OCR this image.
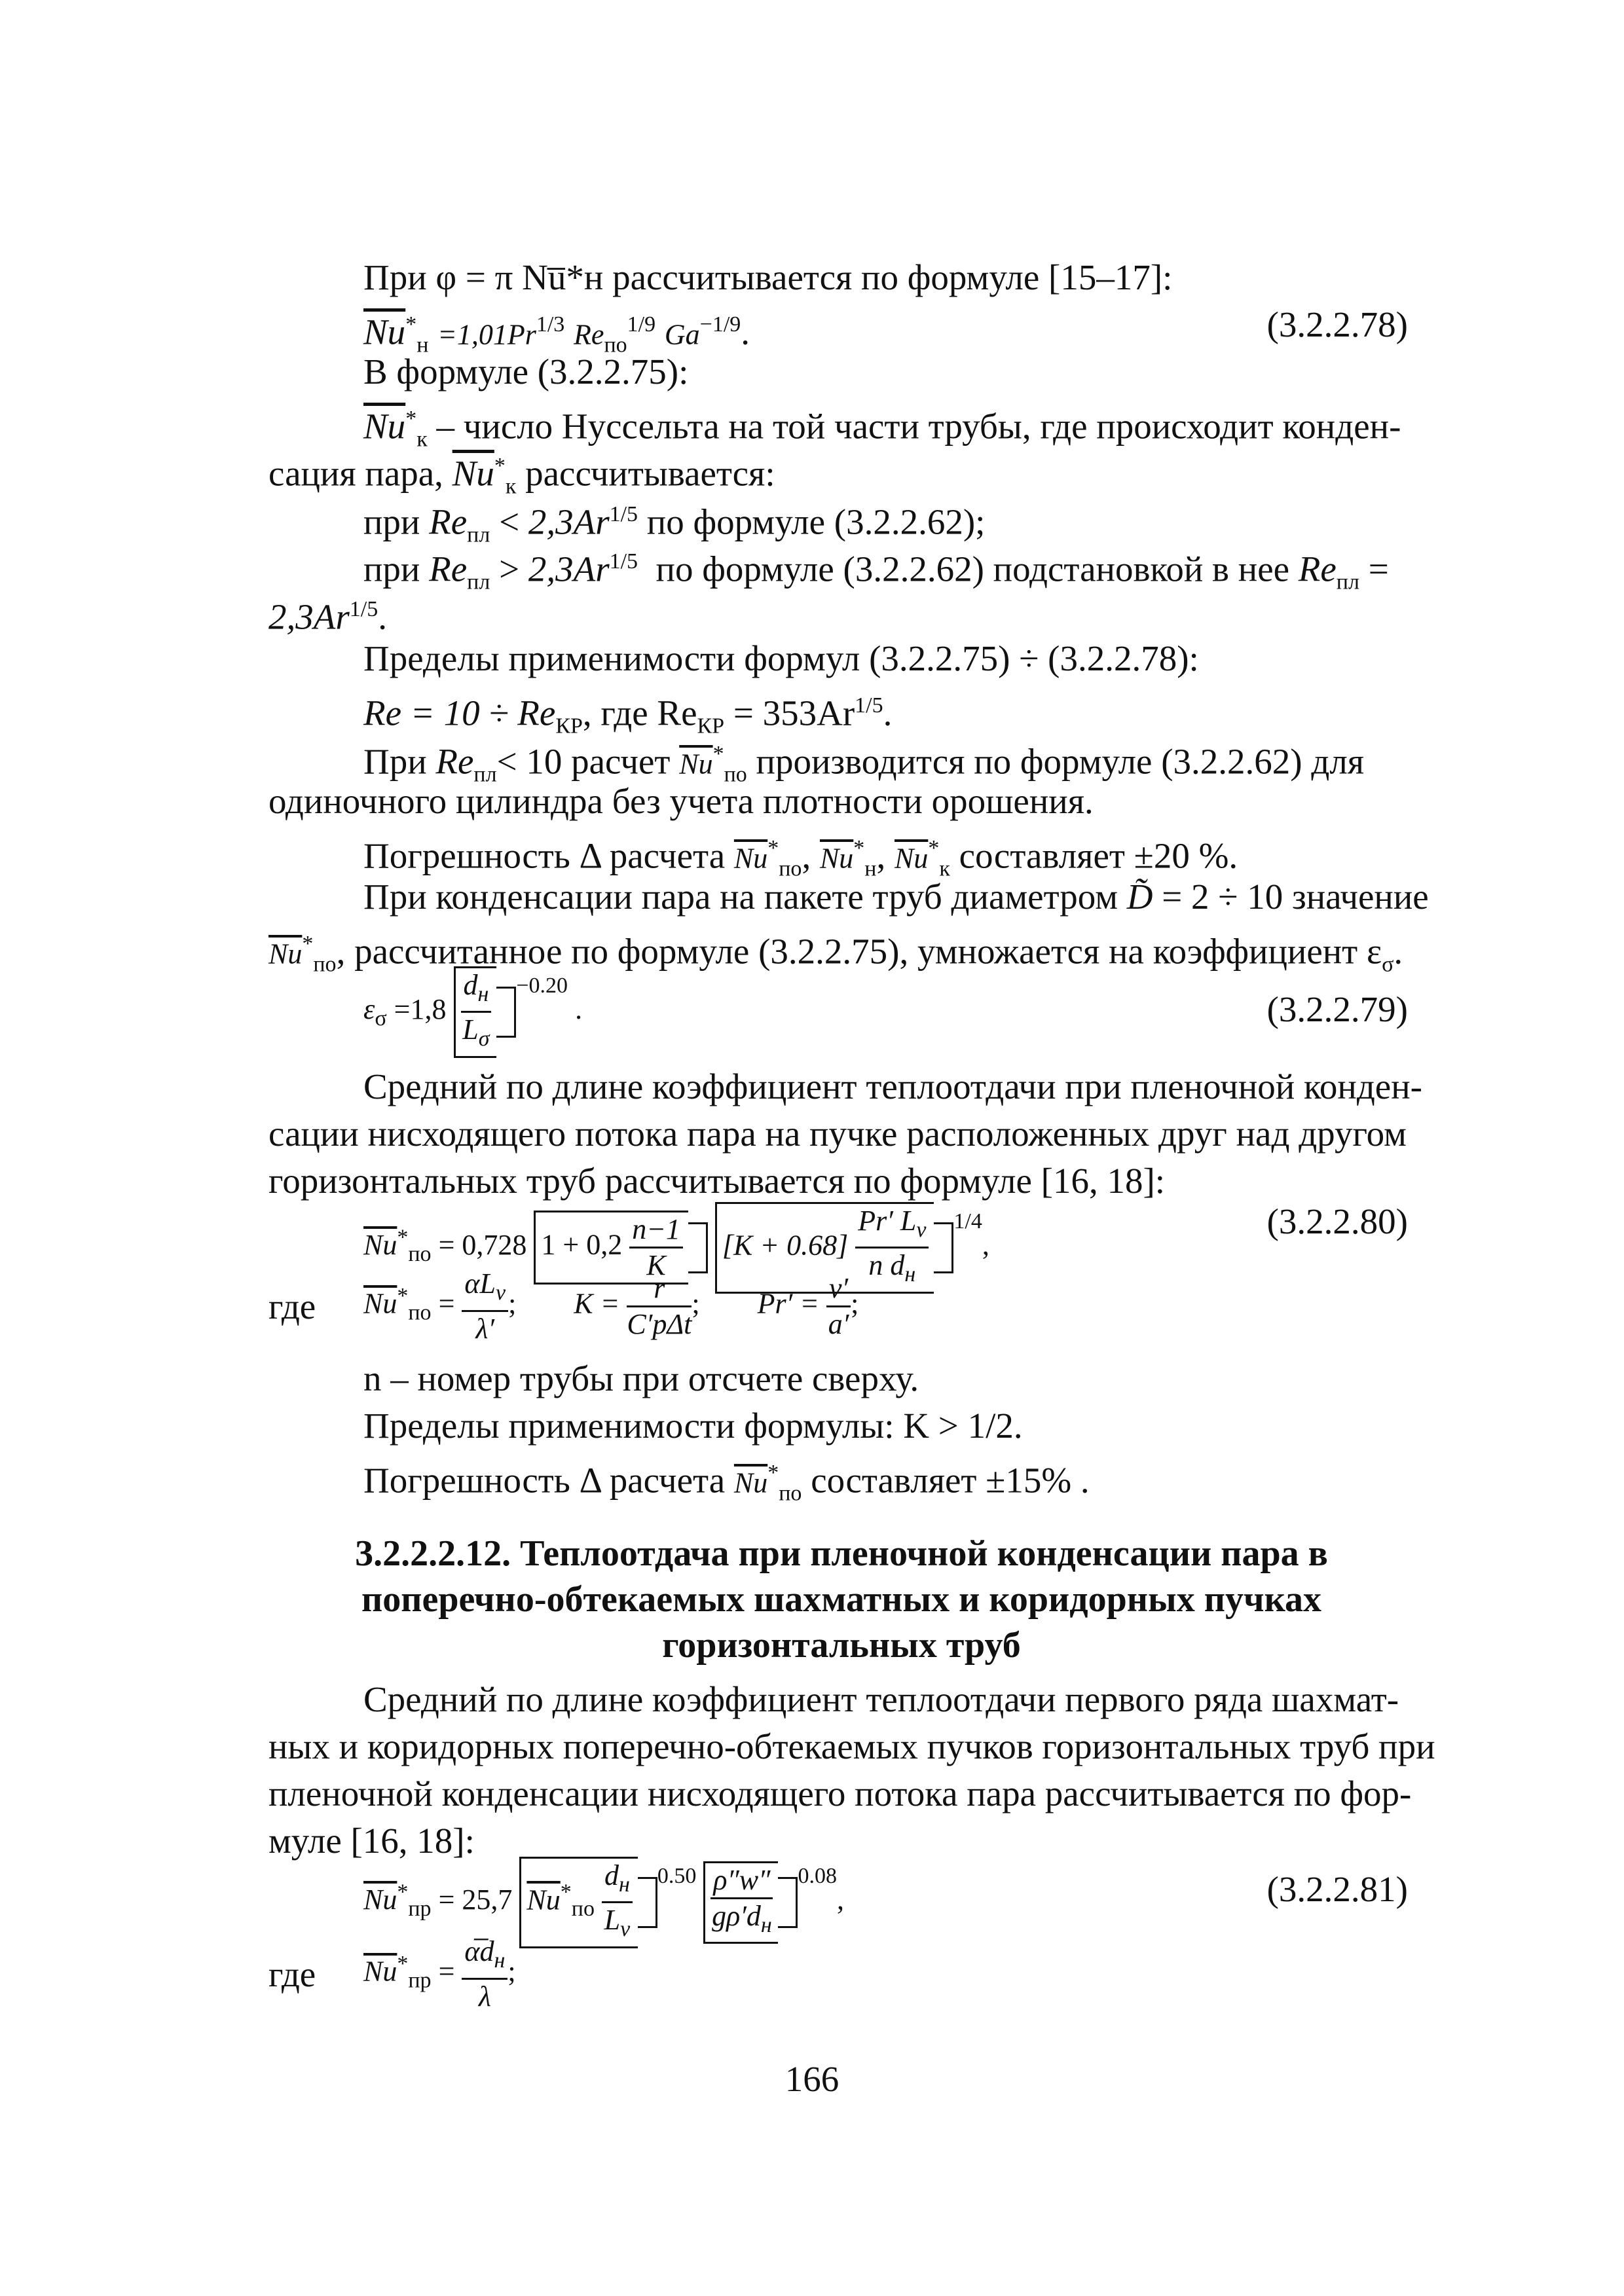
При φ = π Nu̅*н рассчитывается по формуле [15–17]:
$\overline{Nu}^*_н =1,01Pr^{1/3}$ $Re_{по}^{1/9}$ $Ga^{-1/9}$.	(3.2.2.78)
В формуле (3.2.2.75):
$\overline{Nu}^*_к$ – число Нуссельта на той части трубы, где происходит конден-
сация пара, $\overline{Nu}^*_к$ рассчитывается:
при $Re_{пл} < 2,3Ar^{1/5}$ по формуле (3.2.2.62);
при $Re_{пл} > 2,3Ar^{1/5}$ по формуле (3.2.2.62) подстановкой в нее $Re_{пл}$ =
$2,3Ar^{1/5}$.
Пределы применимости формул (3.2.2.75) ÷ (3.2.2.78):
$Re = 10 \div Re_{КР}$, где $Re_{КР} = 353Ar^{1/5}$.
При $Re_{пл}< 10$ расчет $\overline{Nu}^*_{по}$ производится по формуле (3.2.2.62) для
одиночного цилиндра без учета плотности орошения.
Погрешность Δ расчета $\overline{Nu}^*_{по}$, $\overline{Nu}^*_н$, $\overline{Nu}^*_к$ составляет ±20 %.
При конденсации пара на пакете труб диаметром D̃ = 2 ÷ 10 значение
$\overline{Nu}^*_{по}$, рассчитанное по формуле (3.2.2.75), умножается на коэффициент $\varepsilon_\sigma$.
$\varepsilon_\sigma =1,8 \frac{d_н}{L_\sigma} ^{-0.20}$ .	(3.2.2.79)
Средний по длине коэффициент теплоотдачи при пленочной конден-
сации нисходящего потока пара на пучке расположенных друг над другом
горизонтальных труб рассчитывается по формуле [16, 18]:
$\overline{Nu}^*_{по} = 0,728$ $1 + 0,2 \frac{n-1}{K} [K + 0.68] \frac{Pr' L_\nu}{n d_н} ^{1/4}$,
(3.2.2.80)
где $\overline{Nu}^*_{по} = \frac{\alpha L_\nu}{\lambda'}$ ;        $K = \frac{r}{\text{C′pΔt}}$ ;        $Pr' = \frac{\nu'}{a'}$ ;
n – номер трубы при отсчете сверху.
Пределы применимости формулы: K > 1/2.
Погрешность Δ расчета $\overline{Nu}^*_{по}$ составляет ±15% .
3.2.2.2.12. Теплоотдача при пленочной конденсации пара в
поперечно-обтекаемых шахматных и коридорных пучках
горизонтальных труб
Средний по длине коэффициент теплоотдачи первого ряда шахмат-
ных и коридорных поперечно-обтекаемых пучков горизонтальных труб при
пленочной конденсации нисходящего потока пара рассчитывается по фор-
муле [16, 18]:
$\overline{Nu}^*_{пр} = 25,7$ $\overline{Nu}^*_{по} \frac{d_н}{L_\nu} ^{0.50} \frac{\rho''w''}{g\rho'd_н} ^{0.08}$,	(3.2.2.81)
где $\overline{Nu}^*_{пр} = \frac{\alpha̅d_н}{\lambda}$ ;
166
